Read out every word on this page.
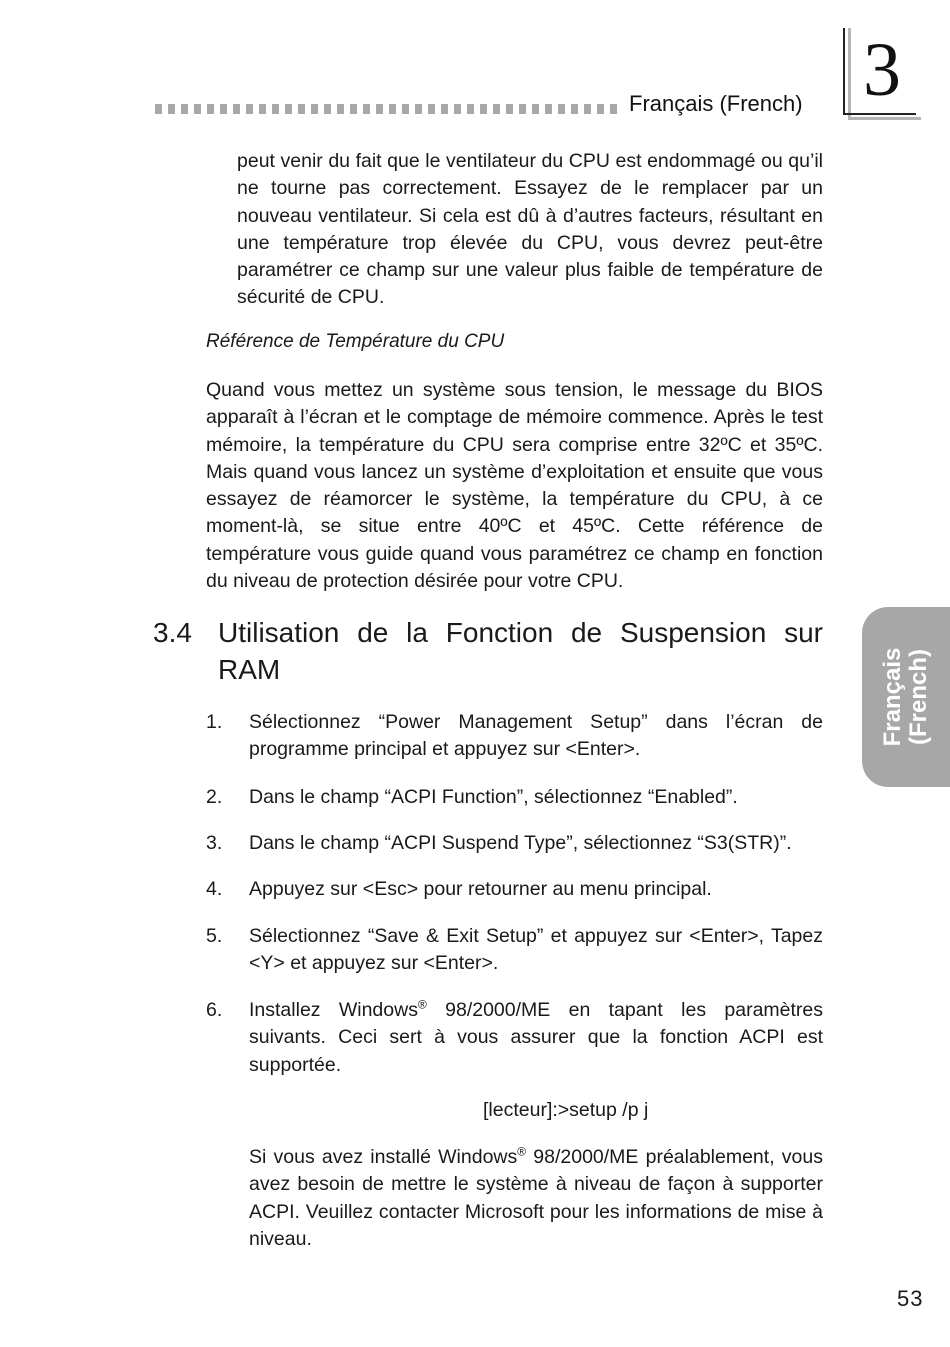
Français (French) 3
Français (French)

peut venir du fait que le ventilateur du CPU est endommagé ou qu’il ne tourne pas correctement. Essayez de le remplacer par un nouveau ventilateur. Si cela est dû à d’autres facteurs, résultant en une température trop élevée du CPU, vous devrez peut-être paramétrer ce champ sur une valeur plus faible de température de sécurité de CPU.

Référence de Température du CPU

Quand vous mettez un système sous tension, le message du BIOS apparaît à l’écran et le comptage de mémoire commence. Après le test mémoire, la température du CPU sera comprise entre 32ºC et 35ºC. Mais quand vous lancez un système d’exploitation et ensuite que vous essayez de réamorcer le système, la température du CPU, à ce moment-là, se situe entre 40ºC et 45ºC. Cette référence de température vous guide quand vous paramétrez ce champ en fonction du niveau de protection désirée pour votre CPU.

3.4 Utilisation de la Fonction de Suspension sur RAM
1. Sélectionnez “Power Management Setup” dans l’écran de programme principal et appuyez sur <Enter>.

2. Dans le champ “ACPI Function”, sélectionnez “Enabled”.

3. Dans le champ “ACPI Suspend Type”, sélectionnez “S3(STR)”.

4. Appuyez sur <Esc> pour retourner au menu principal.

5. Sélectionnez “Save & Exit Setup” et appuyez sur <Enter>, Tapez <Y> et appuyez sur <Enter>.

6. Installez Windows® 98/2000/ME en tapant les paramètres suivants. Ceci sert à vous assurer que la fonction ACPI est supportée.

[lecteur]:>setup /p j

Si vous avez installé Windows® 98/2000/ME préalablement, vous avez besoin de mettre le système à niveau de façon à supporter ACPI. Veuillez contacter Microsoft pour les informations de mise à niveau.

53
